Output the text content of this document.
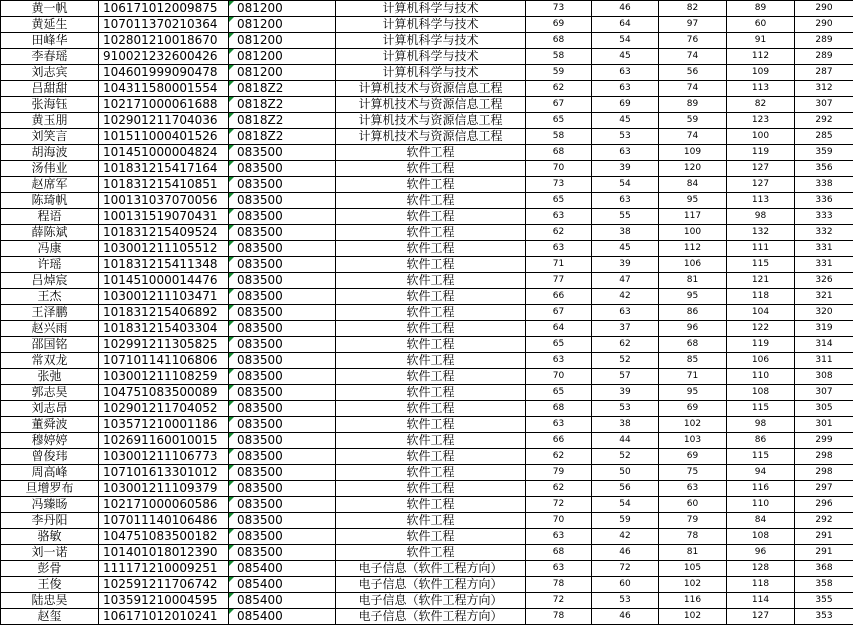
黄一帆	106171012009875	081200	计算机科学与技术	73	46	82	89	290
黄延生	107011370210364	081200	计算机科学与技术	69	64	97	60	290
田峰华	102801210018670	081200	计算机科学与技术	68	54	76	91	289
李春瑶	910021232600426	081200	计算机科学与技术	58	45	74	112	289
刘志宾	104601999090478	081200	计算机科学与技术	59	63	56	109	287
吕甜甜	104311580001554	0818Z2	计算机技术与资源信息工程	62	63	74	113	312
张海钰	102171000061688	0818Z2	计算机技术与资源信息工程	67	69	89	82	307
黄玉朋	102901211704036	0818Z2	计算机技术与资源信息工程	65	45	59	123	292
刘笑言	101511000401526	0818Z2	计算机技术与资源信息工程	58	53	74	100	285
胡海波	101451000004824	083500	软件工程	68	63	109	119	359
汤伟业	101831215417164	083500	软件工程	70	39	120	127	356
赵席军	101831215410851	083500	软件工程	73	54	84	127	338
陈琦帆	100131037070056	083500	软件工程	65	63	95	113	336
程语	100131519070431	083500	软件工程	63	55	117	98	333
薛陈斌	101831215409524	083500	软件工程	62	38	100	132	332
冯康	103001211105512	083500	软件工程	63	45	112	111	331
许瑶	101831215411348	083500	软件工程	71	39	106	115	331
吕焯宸	101451000014476	083500	软件工程	77	47	81	121	326
王杰	103001211103471	083500	软件工程	66	42	95	118	321
王泽鹏	101831215406892	083500	软件工程	67	63	86	104	320
赵兴雨	101831215403304	083500	软件工程	64	37	96	122	319
邵国铭	102991211305825	083500	软件工程	65	62	68	119	314
常双龙	107101141106806	083500	软件工程	63	52	85	106	311
张弛	103001211108259	083500	软件工程	70	57	71	110	308
郭志昊	104751083500089	083500	软件工程	65	39	95	108	307
刘志昂	102901211704052	083500	软件工程	68	53	69	115	305
董舜波	103571210001186	083500	软件工程	63	38	102	98	301
穆婷婷	102691160010015	083500	软件工程	66	44	103	86	299
曾俊玮	103001211106773	083500	软件工程	62	52	69	115	298
周高峰	107101613301012	083500	软件工程	79	50	75	94	298
旦增罗布	103001211109379	083500	软件工程	62	56	63	116	297
冯臻旸	102171000060586	083500	软件工程	72	54	60	110	296
李丹阳	107011140106486	083500	软件工程	70	59	79	84	292
骆敏	104751083500182	083500	软件工程	63	42	78	108	291
刘一诺	101401018012390	083500	软件工程	68	46	81	96	291
彭骨	111171210009251	085400	电子信息（软件工程方向）	63	72	105	128	368
王俊	102591211706742	085400	电子信息（软件工程方向）	78	60	102	118	358
陆忠昊	103591210004595	085400	电子信息（软件工程方向）	72	53	116	114	355
赵玺	106171012010241	085400	电子信息（软件工程方向）	78	46	102	127	353
